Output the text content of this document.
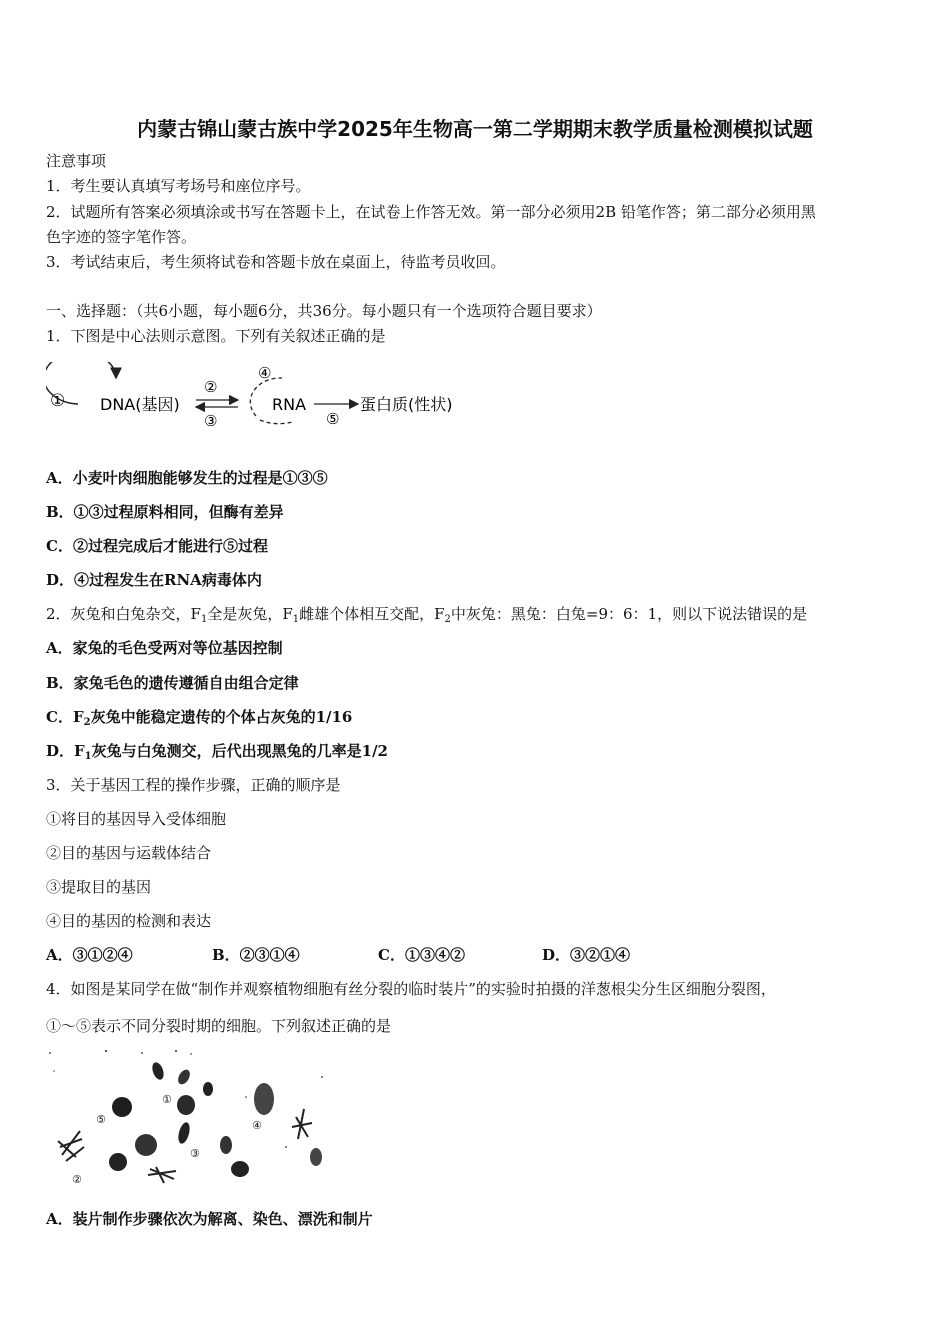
内蒙古锦山蒙古族中学2025年生物高一第二学期期末教学质量检测模拟试题
注意事项
1．考生要认真填写考场号和座位序号。
2．试题所有答案必须填涂或书写在答题卡上，在试卷上作答无效。第一部分必须用2B 铅笔作答；第二部分必须用黑
色字迹的签字笔作答。
3．考试结束后，考生须将试卷和答题卡放在桌面上，待监考员收回。
一、选择题：（共6小题，每小题6分，共36分。每小题只有一个选项符合题目要求）
1．下图是中心法则示意图。下列有关叙述正确的是
① DNA(基因)
②
③
④
RNA
⑤
蛋白质(性状)
A．小麦叶肉细胞能够发生的过程是①③⑤
B．①③过程原料相同，但酶有差异
C．②过程完成后才能进行⑤过程
D．④过程发生在RNA病毒体内
2．灰兔和白兔杂交，$F_1$全是灰兔，$F_1$雌雄个体相互交配，$F_2$中灰兔：黑兔：白兔=9：6：1，则以下说法错误的是
A．家兔的毛色受两对等位基因控制
B．家兔毛色的遗传遵循自由组合定律
C．$F_2$灰兔中能稳定遗传的个体占灰兔的1/16
D．$F_1$灰兔与白兔测交，后代出现黑兔的几率是1/2
3．关于基因工程的操作步骤，正确的顺序是
①将目的基因导入受体细胞
②目的基因与运载体结合
③提取目的基因
④目的基因的检测和表达
A．③①②④	B．②③①④	C．①③④②	D．③②①④
4．如图是某同学在做“制作并观察植物细胞有丝分裂的临时装片”的实验时拍摄的洋葱根尖分生区细胞分裂图，
①～⑤表示不同分裂时期的细胞。下列叙述正确的是
①
⑤	④
③
②
A．装片制作步骤依次为解离、染色、漂洗和制片
